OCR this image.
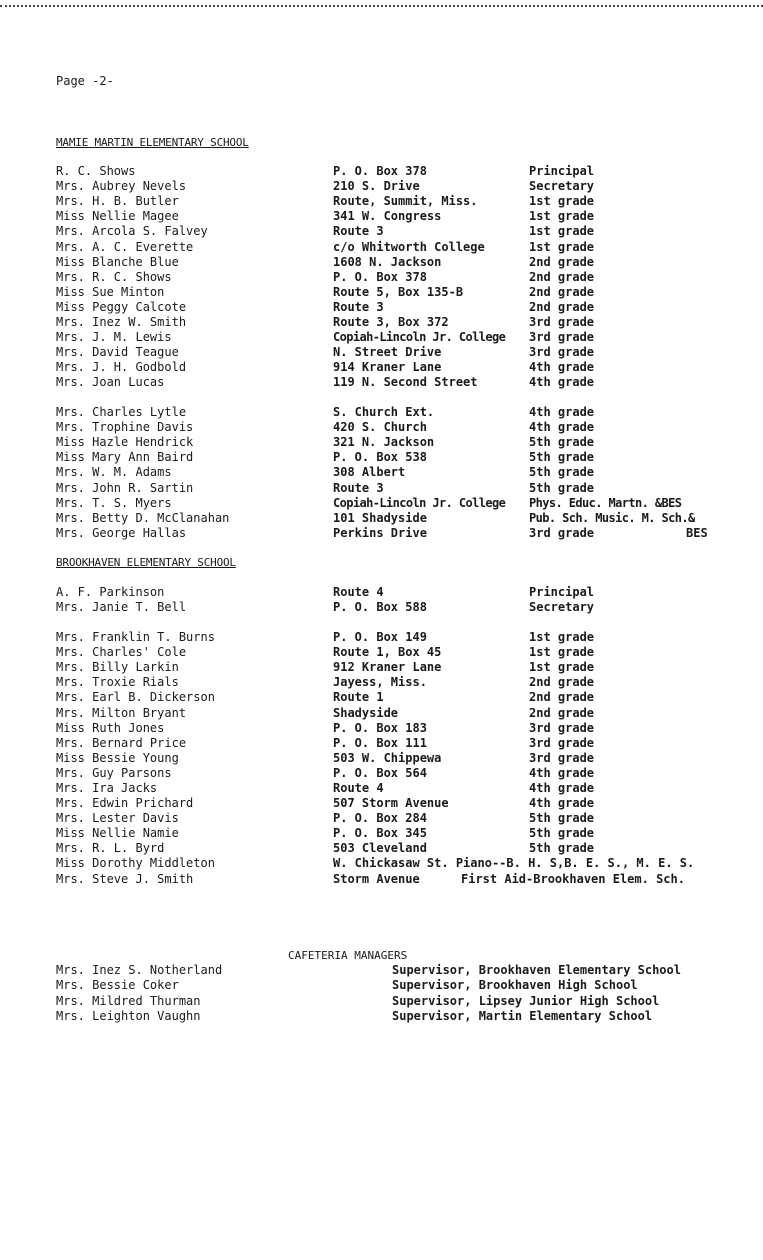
Page -2-
MAMIE MARTIN ELEMENTARY SCHOOL
R. C. Shows	P. O. Box 378	Principal
Mrs. Aubrey Nevels	210 S. Drive	Secretary
Mrs. H. B. Butler	Route, Summit, Miss.	1st grade
Miss Nellie Magee	341 W. Congress	1st grade
Mrs. Arcola S. Falvey	Route 3	1st grade
Mrs. A. C. Everette	c/o Whitworth College	1st grade
Miss Blanche Blue	1608 N. Jackson	2nd grade
Mrs. R. C. Shows	P. O. Box 378	2nd grade
Miss Sue Minton	Route 5, Box 135-B	2nd grade
Miss Peggy Calcote	Route 3	2nd grade
Mrs. Inez W. Smith	Route 3, Box 372	3rd grade
Mrs. J. M. Lewis	Copiah-Lincoln Jr. College 3rd grade
Mrs. David Teague	N. Street Drive	3rd grade
Mrs. J. H. Godbold	914 Kraner Lane	4th grade
Mrs. Joan Lucas	119 N. Second Street	4th grade
Mrs. Charles Lytle	S. Church Ext.	4th grade
Mrs. Trophine Davis	420 S. Church	4th grade
Miss Hazle Hendrick	321 N. Jackson	5th grade
Miss Mary Ann Baird	P. O. Box 538	5th grade
Mrs. W. M. Adams	308 Albert	5th grade
Mrs. John R. Sartin	Route 3	5th grade
Mrs. T. S. Myers	Copiah-Lincoln Jr. College Phys. Educ. Martn. &BES
Mrs. Betty D. McClanahan	101 Shadyside	Pub. Sch. Music. M. Sch.&
Mrs. George Hallas	Perkins Drive	3rd grade	BES
BROOKHAVEN ELEMENTARY SCHOOL
A. F. Parkinson	Route 4	Principal
Mrs. Janie T. Bell	P. O. Box 588	Secretary
Mrs. Franklin T. Burns	P. O. Box 149	1st grade
Mrs. Charles' Cole	Route 1, Box 45	1st grade
Mrs. Billy Larkin	912 Kraner Lane	1st grade
Mrs. Troxie Rials	Jayess, Miss.	2nd grade
Mrs. Earl B. Dickerson	Route 1	2nd grade
Mrs. Milton Bryant	Shadyside	2nd grade
Miss Ruth Jones	P. O. Box 183	3rd grade
Mrs. Bernard Price	P. O. Box 111	3rd grade
Miss Bessie Young	503 W. Chippewa	3rd grade
Mrs. Guy Parsons	P. O. Box 564	4th grade
Mrs. Ira Jacks	Route 4	4th grade
Mrs. Edwin Prichard	507 Storm Avenue	4th grade
Mrs. Lester Davis	P. O. Box 284	5th grade
Miss Nellie Namie	P. O. Box 345	5th grade
Mrs. R. L. Byrd	503 Cleveland	5th grade
Miss Dorothy Middleton	W. Chickasaw St. Piano--B. H. S,B. E. S., M. E. S.
Mrs. Steve J. Smith	Storm Avenue	First Aid-Brookhaven Elem. Sch.
CAFETERIA MANAGERS
Mrs. Inez S. Notherland	Supervisor, Brookhaven Elementary School
Mrs. Bessie Coker	Supervisor, Brookhaven High School
Mrs. Mildred Thurman	Supervisor, Lipsey Junior High School
Mrs. Leighton Vaughn	Supervisor, Martin Elementary School
